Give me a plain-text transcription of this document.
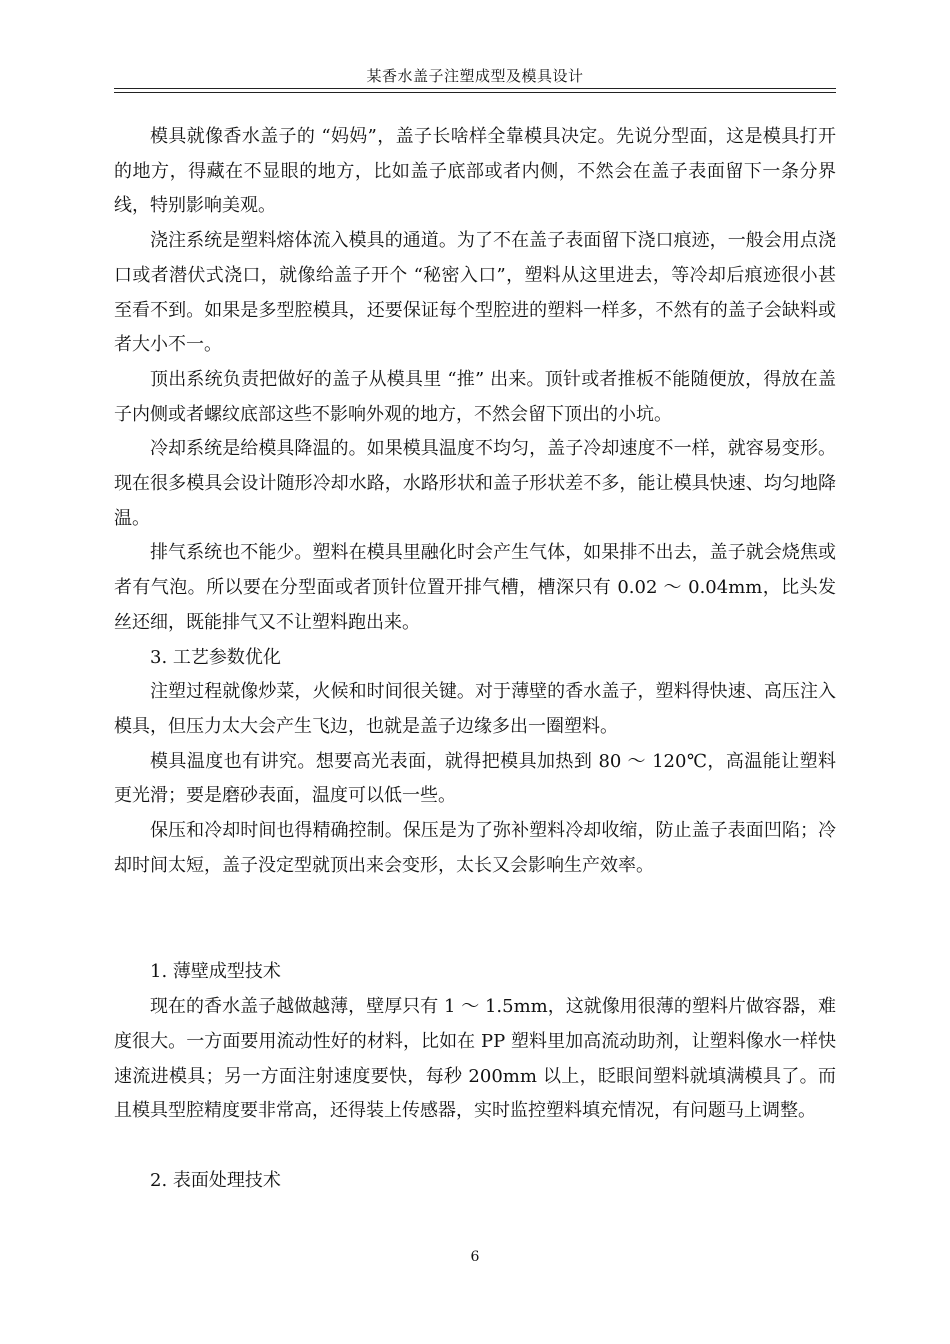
某香水盖子注塑成型及模具设计

模具就像香水盖子的 “妈妈”，盖子长啥样全靠模具决定。先说分型面，这是模具打开的地方，得藏在不显眼的地方，比如盖子底部或者内侧，不然会在盖子表面留下一条分界线，特别影响美观。

浇注系统是塑料熔体流入模具的通道。为了不在盖子表面留下浇口痕迹，一般会用点浇口或者潜伏式浇口，就像给盖子开个 “秘密入口”，塑料从这里进去，等冷却后痕迹很小甚至看不到。如果是多型腔模具，还要保证每个型腔进的塑料一样多，不然有的盖子会缺料或者大小不一。

顶出系统负责把做好的盖子从模具里 “推” 出来。顶针或者推板不能随便放，得放在盖子内侧或者螺纹底部这些不影响外观的地方，不然会留下顶出的小坑。

冷却系统是给模具降温的。如果模具温度不均匀，盖子冷却速度不一样，就容易变形。现在很多模具会设计随形冷却水路，水路形状和盖子形状差不多，能让模具快速、均匀地降温。

排气系统也不能少。塑料在模具里融化时会产生气体，如果排不出去，盖子就会烧焦或者有气泡。所以要在分型面或者顶针位置开排气槽，槽深只有 0.02 ～ 0.04mm，比头发丝还细，既能排气又不让塑料跑出来。

3. 工艺参数优化

注塑过程就像炒菜，火候和时间很关键。对于薄壁的香水盖子，塑料得快速、高压注入模具，但压力太大会产生飞边，也就是盖子边缘多出一圈塑料。

模具温度也有讲究。想要高光表面，就得把模具加热到 80 ～ 120℃，高温能让塑料更光滑；要是磨砂表面，温度可以低一些。

保压和冷却时间也得精确控制。保压是为了弥补塑料冷却收缩，防止盖子表面凹陷；冷却时间太短，盖子没定型就顶出来会变形，太长又会影响生产效率。

1. 薄壁成型技术

现在的香水盖子越做越薄，壁厚只有 1 ～ 1.5mm，这就像用很薄的塑料片做容器，难度很大。一方面要用流动性好的材料，比如在 PP 塑料里加高流动助剂，让塑料像水一样快速流进模具；另一方面注射速度要快，每秒 200mm 以上，眨眼间塑料就填满模具了。而且模具型腔精度要非常高，还得装上传感器，实时监控塑料填充情况，有问题马上调整。

2. 表面处理技术

6
